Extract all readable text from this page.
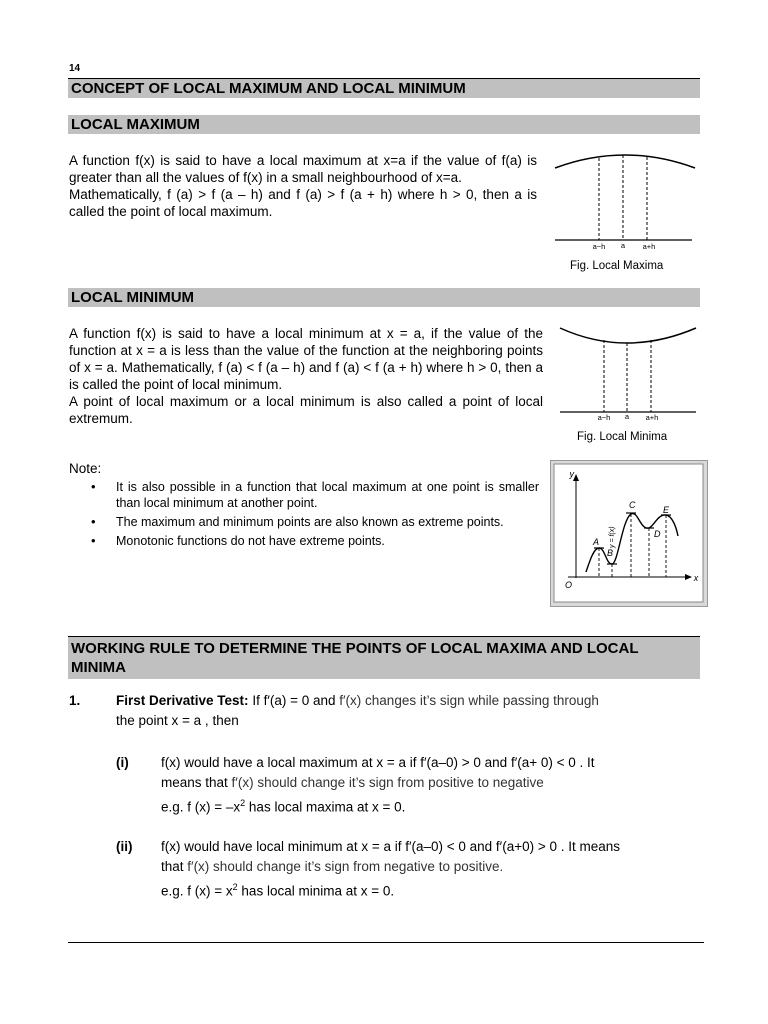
14
CONCEPT OF LOCAL MAXIMUM AND LOCAL MINIMUM
LOCAL MAXIMUM
A function f(x) is said to have a local maximum at x=a if the value of f(a) is greater than all the values of f(x) in a small neighbourhood of x=a.
Mathematically, f (a) > f (a – h) and f (a) > f (a + h) where h > 0, then a is called the point of local maximum.
a−h a a+h
Fig. Local Maxima
LOCAL MINIMUM
A function f(x) is said to have a local minimum at x = a, if the value of the function at x = a is less than the value of the function at the neighboring points of x = a. Mathematically, f (a) < f (a – h) and f (a) < f (a + h) where h > 0, then a is called the point of local minimum.
A point of local maximum or a local minimum is also called a point of local extremum.	a−h a a+h
Fig. Local Minima
Note:
• It is also possible in a function that local maximum at one point is smaller than local minimum at another point.
• The maximum and minimum points are also known as extreme points.
• Monotonic functions do not have extreme points.
y
x
O
A
B
C
D
E
y = f(x)
WORKING RULE TO DETERMINE THE POINTS OF LOCAL MAXIMA AND LOCAL MINIMA
1.	First Derivative Test: If f′(a) = 0 and f′(x) changes it’s sign while passing through
the point x = a , then
(i) f(x) would have a local maximum at x = a if f′(a–0) > 0 and f′(a+ 0) < 0 . It
means that f′(x) should change it’s sign from positive to negative
e.g. f $(x) = -x^2$ has local maxima at x = 0.
(ii) f(x) would have local minimum at x = a if f′(a–0) < 0 and f′(a+0) > 0 . It means
that f′(x) should change it’s sign from negative to positive.
e.g. f $(x) = x^2$ has local minima at x = 0.
